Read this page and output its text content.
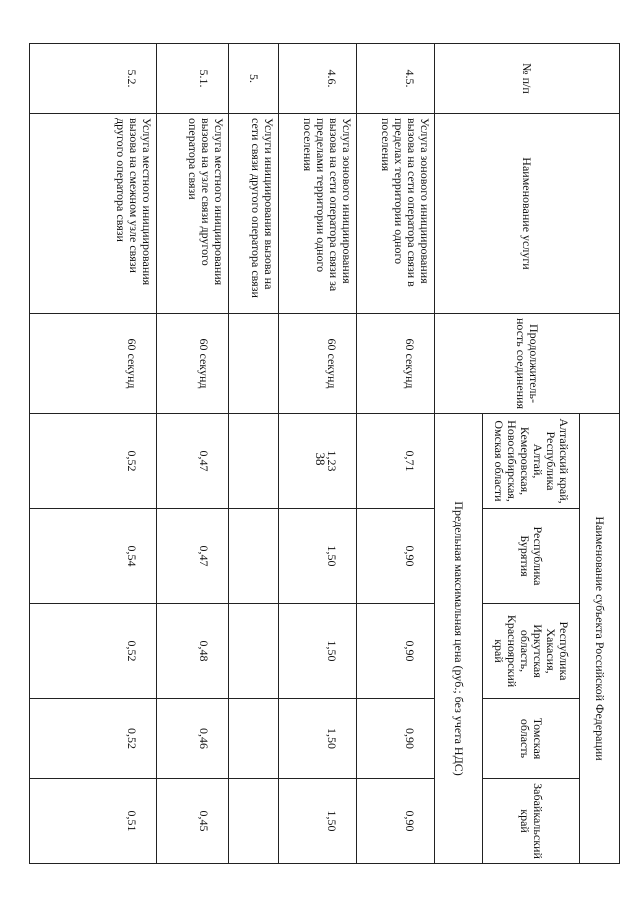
38
№ п/п	Наименование услуги	Продолжитель-ность соединения	Наименование субъекта Российской Федерации				
			Алтайский край, Республика Алтай, Кемеровская, Новосибирская, Омская области	Республика Бурятия	Республика Хакасия, Иркутская область, Красноярский край	Томская область	Забайкальский край
			Предельная максимальная цена (руб.; без учета НДС)				
4.5.	Услуга зонового инициирования вызова на сети оператора связи в пределах территории одного поселения	60 секунд	0,71	0,90	0,90	0,90	0,90
4.6.	Услуга зонового инициирования вызова на сети оператора связи за пределами территории одного поселения	60 секунд	1,23	1,50	1,50	1,50	1,50
5.	Услуги инициирования вызова на сети связи другого оператора связи						
5.1.	Услуга местного инициирования вызова на узле связи другого оператора связи	60 секунд	0,47	0,47	0,48	0,46	0,45
5.2.	Услуга местного инициирования вызова на смежном узле связи другого оператора связи	60 секунд	0,52	0,54	0,52	0,52	0,51
